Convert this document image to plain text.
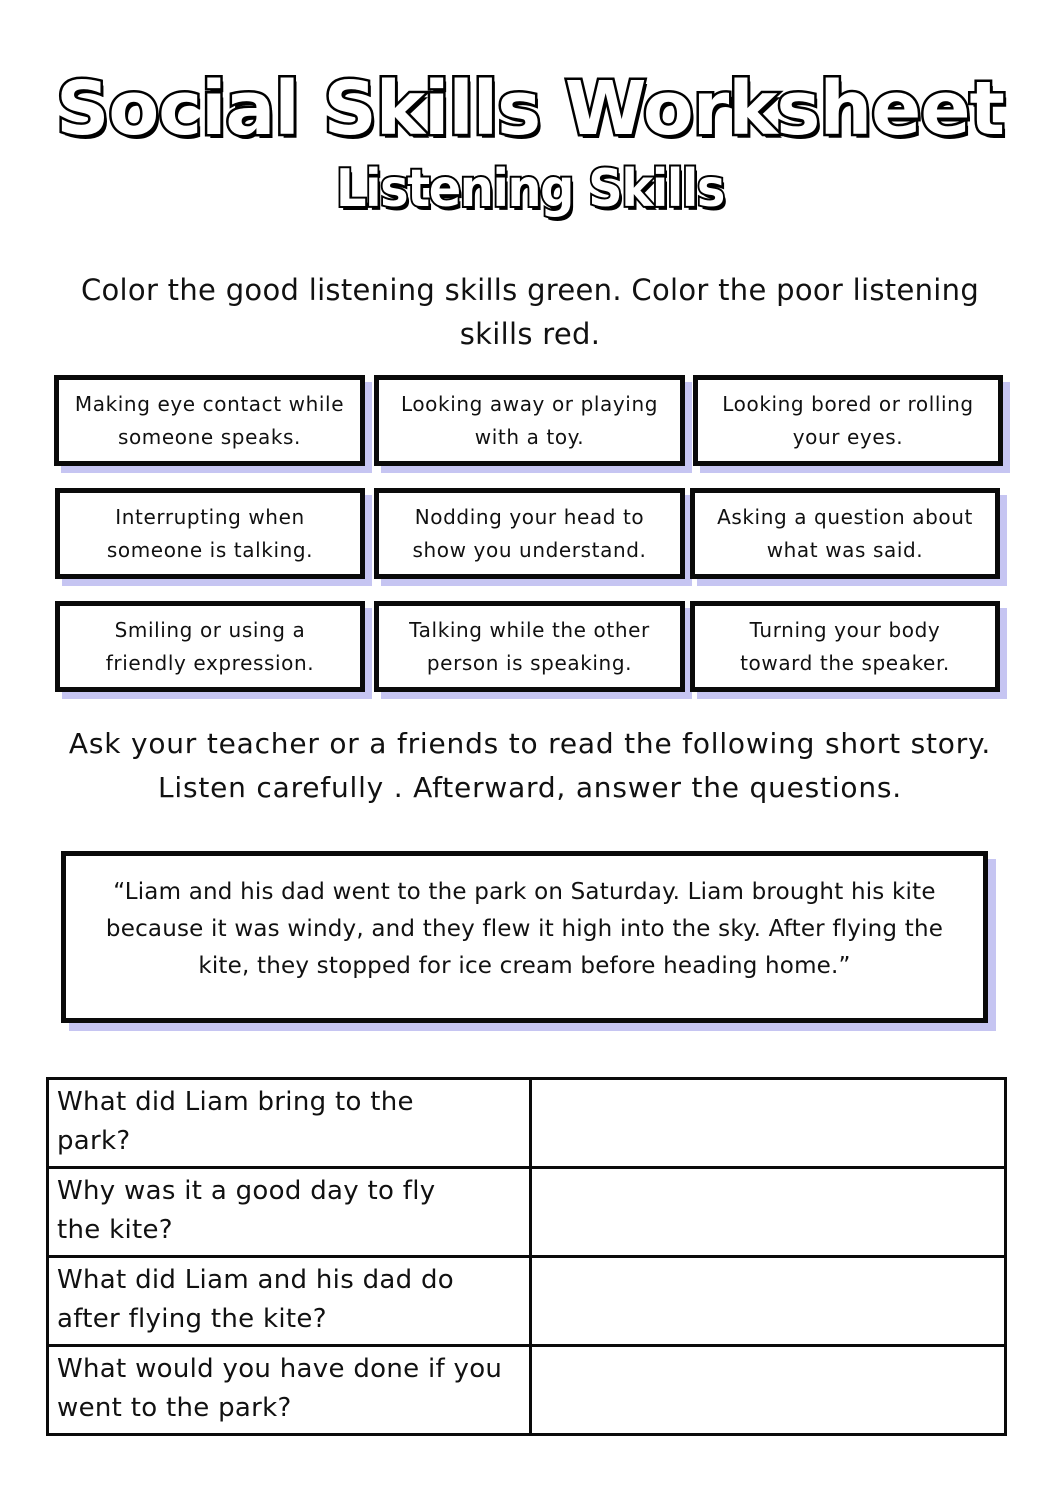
Social Skills Worksheet
Listening Skills
Color the good listening skills green. Color the poor listening skills red.
Making eye contact while
someone speaks.
Looking away or playing
with a toy.
Looking bored or rolling
your eyes.
Interrupting when
someone is talking.
Nodding your head to
show you understand.
Asking a question about
what was said.
Smiling or using a
friendly expression.
Talking while the other
person is speaking.
Turning your body
toward the speaker.
Ask your teacher or a friends to read the following short story. Listen carefully . Afterward, answer the questions.
“Liam and his dad went to the park on Saturday. Liam brought his kite because it was windy, and they flew it high into the sky. After flying the kite, they stopped for ice cream before heading home.”
What did Liam bring to the
park?

Why was it a good day to fly
the kite?

What did Liam and his dad do
after flying the kite?

What would you have done if you
went to the park?
